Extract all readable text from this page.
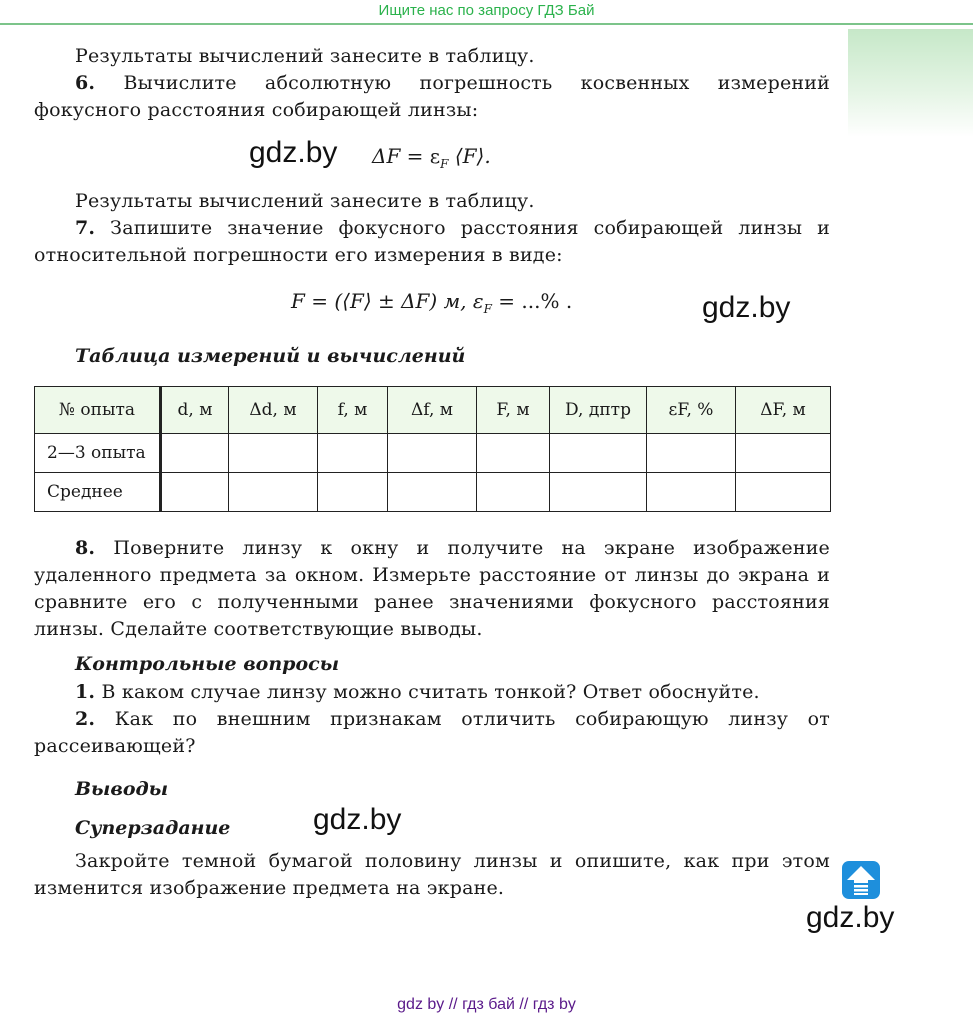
Ищите нас по запросу ГДЗ Бай

Результаты вычислений занесите в таблицу.

6. Вычислите абсолютную погрешность косвенных измерений фокусного расстояния собирающей линзы:

gdz.by $\Delta F = \varepsilon_F$ ⟨F⟩.

Результаты вычислений занесите в таблицу.

7. Запишите значение фокусного расстояния собирающей линзы и относительной погрешности его измерения в виде:

F = (⟨F⟩ ± ΔF) м, $\varepsilon_F$ = ...% .	gdz.by
Таблица измерений и вычислений
№ опыта	d, м	Δd, м	f, м	Δf, м	F, м	D, дптр	εF, %	ΔF, м
2—3 опыта								
Среднее								

8. Поверните линзу к окну и получите на экране изображение удаленного предмета за окном. Измерьте расстояние от линзы до экрана и сравните его с полученными ранее значениями фокусного расстояния линзы. Сделайте соответствующие выводы.

Контрольные вопросы

1. В каком случае линзу можно считать тонкой? Ответ обоснуйте.

2. Как по внешним признакам отличить собирающую линзу от рассеивающей?

Выводы
Суперзадание	gdz.by

Закройте темной бумагой половину линзы и опишите, как при этом изменится изображение предмета на экране.

gdz.by
gdz by // гдз бай // гдз by
